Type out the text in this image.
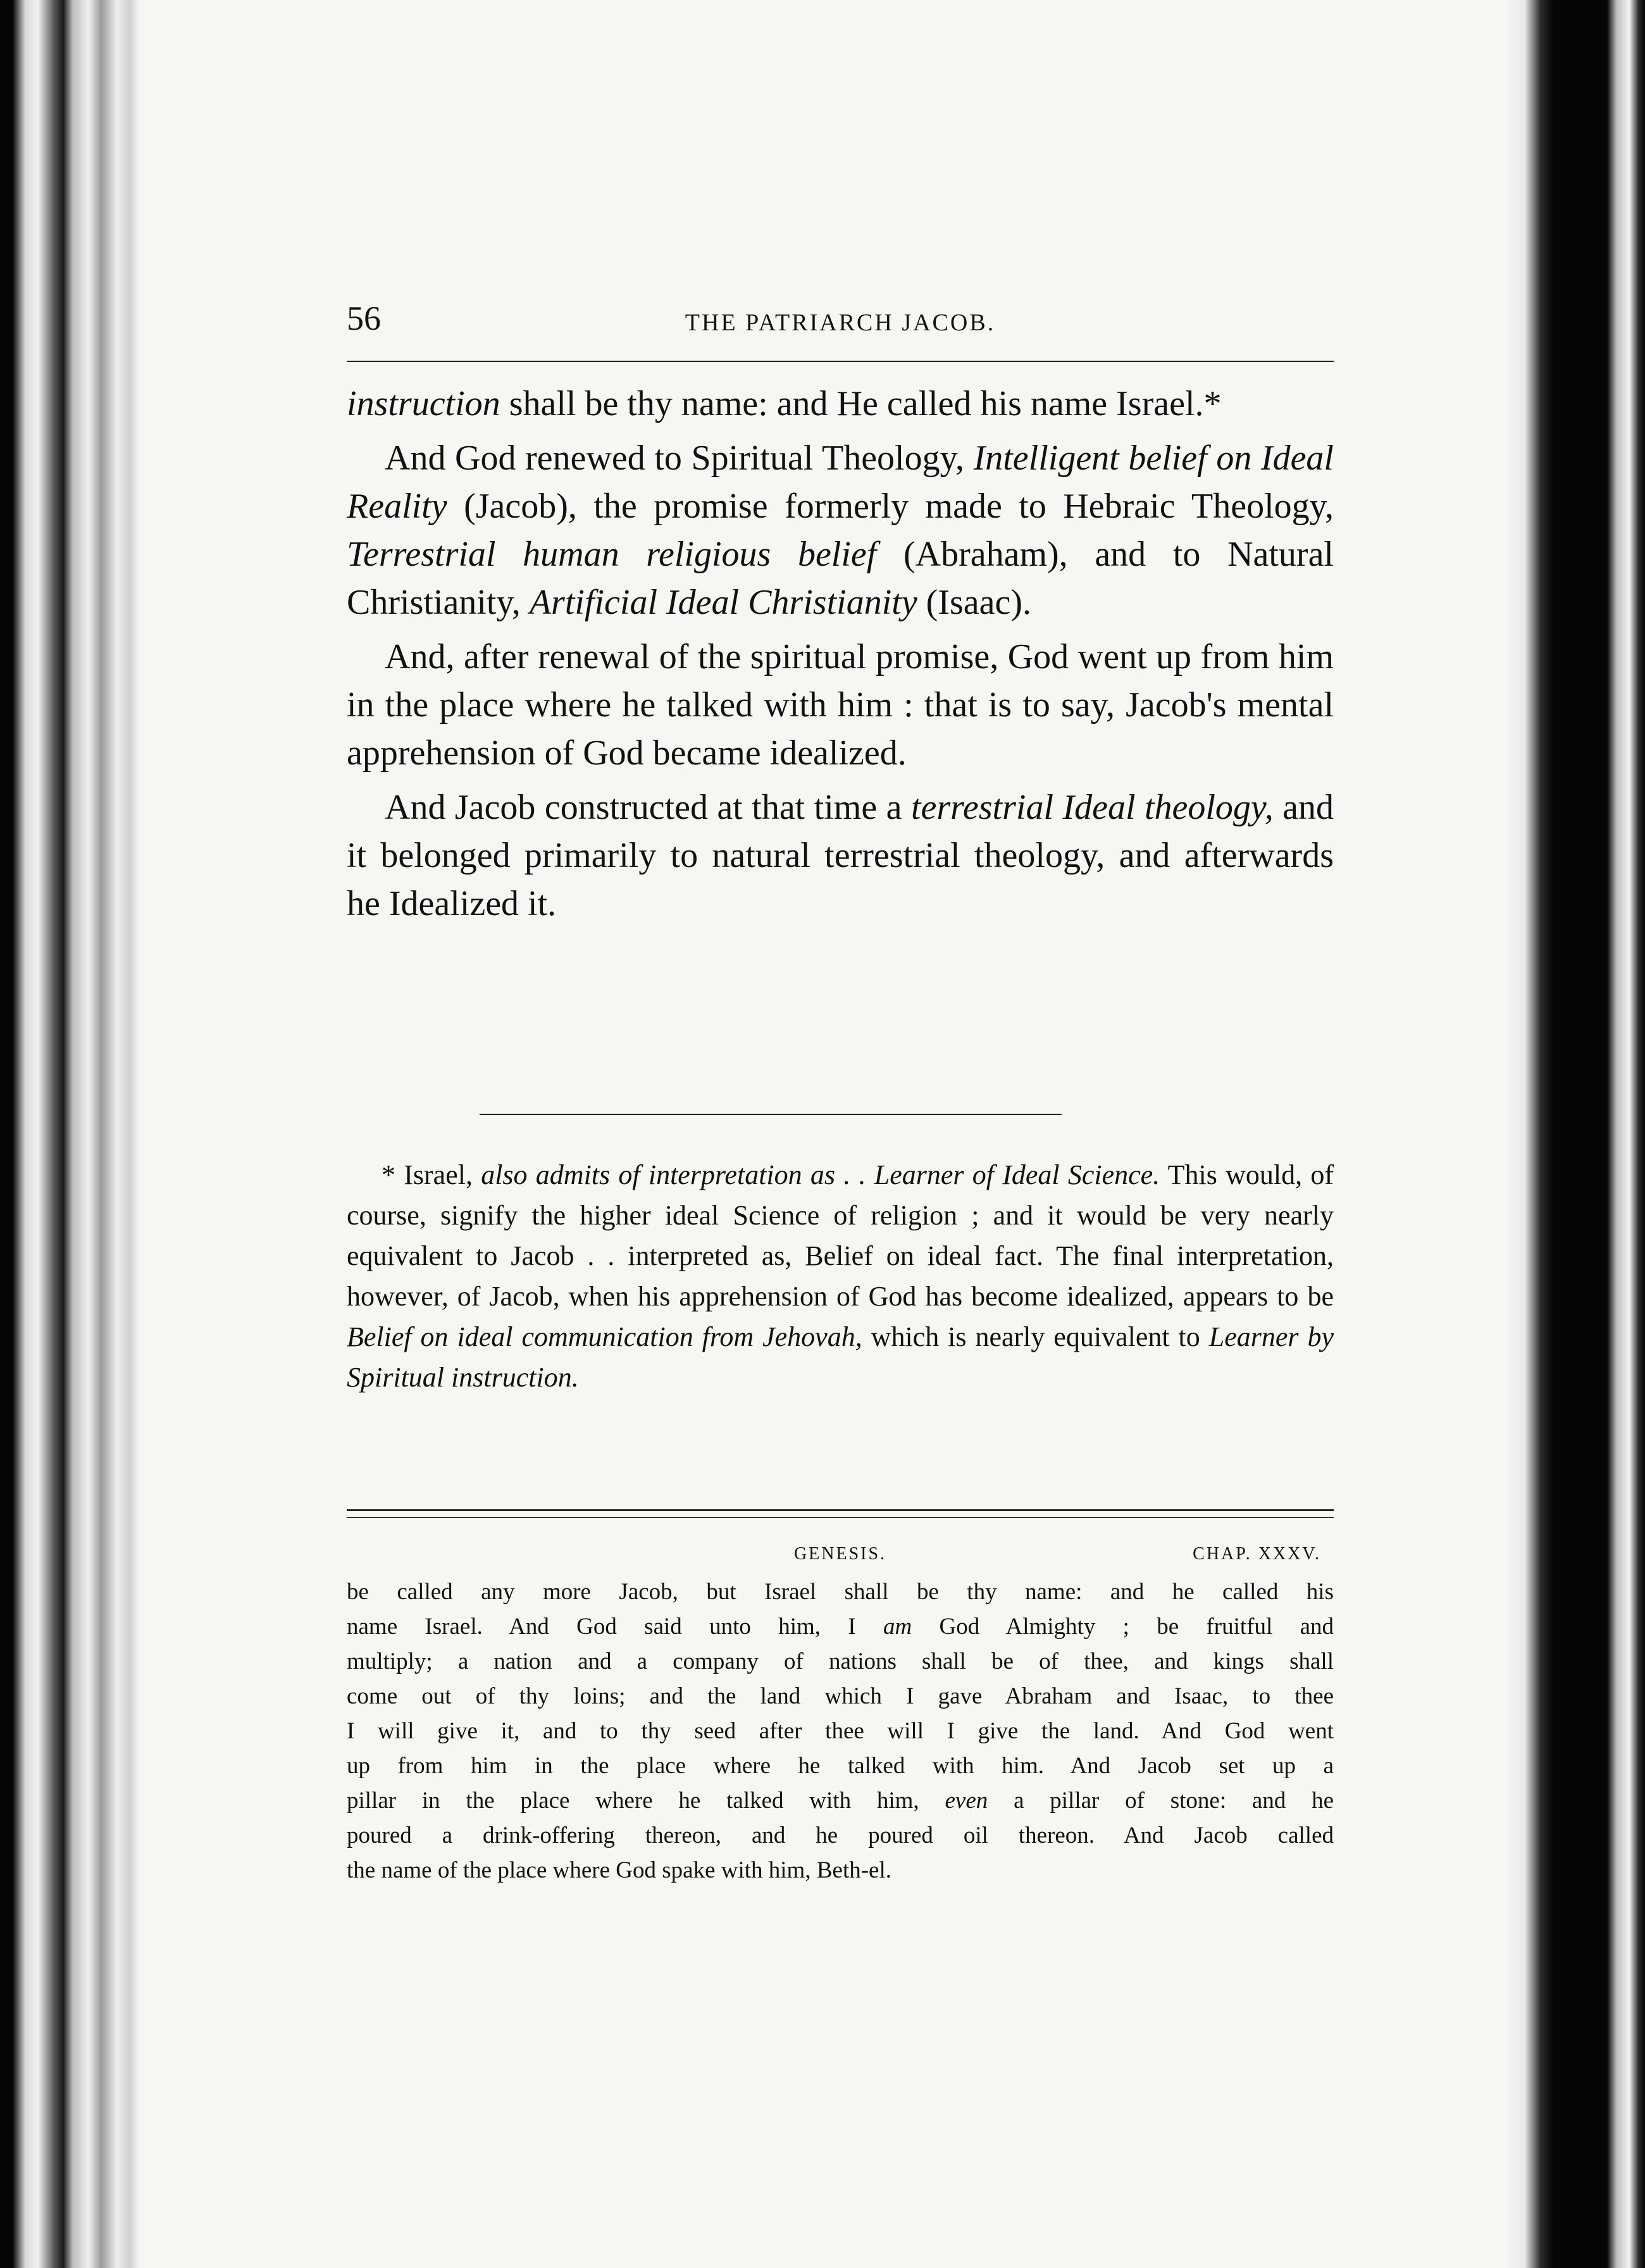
56	THE PATRIARCH JACOB.

instruction shall be thy name: and He called his name Israel.*

And God renewed to Spiritual Theology, Intelligent belief on Ideal Reality (Jacob), the promise formerly made to Hebraic Theology, Terrestrial human religious belief (Abraham), and to Natural Christianity, Artificial Ideal Christianity (Isaac).

And, after renewal of the spiritual promise, God went up from him in the place where he talked with him : that is to say, Jacob's mental apprehension of God became idealized.

And Jacob constructed at that time a terrestrial Ideal theology, and it belonged primarily to natural terrestrial theology, and afterwards he Idealized it.

* Israel, also admits of interpretation as . . Learner of Ideal Science. This would, of course, signify the higher ideal Science of religion ; and it would be very nearly equivalent to Jacob . . interpreted as, Belief on ideal fact. The final interpretation, however, of Jacob, when his apprehension of God has become idealized, appears to be Belief on ideal communication from Jehovah, which is nearly equivalent to Learner by Spiritual instruction.
GENESIS.	CHAP. XXXV.
be called any more Jacob, but Israel shall be thy name: and he called his
name Israel. And God said unto him, I am God Almighty ; be fruitful and
multiply; a nation and a company of nations shall be of thee, and kings shall
come out of thy loins; and the land which I gave Abraham and Isaac, to thee
I will give it, and to thy seed after thee will I give the land. And God went
up from him in the place where he talked with him. And Jacob set up a
pillar in the place where he talked with him, even a pillar of stone: and he
poured a drink-offering thereon, and he poured oil thereon. And Jacob called
the name of the place where God spake with him, Beth-el.
